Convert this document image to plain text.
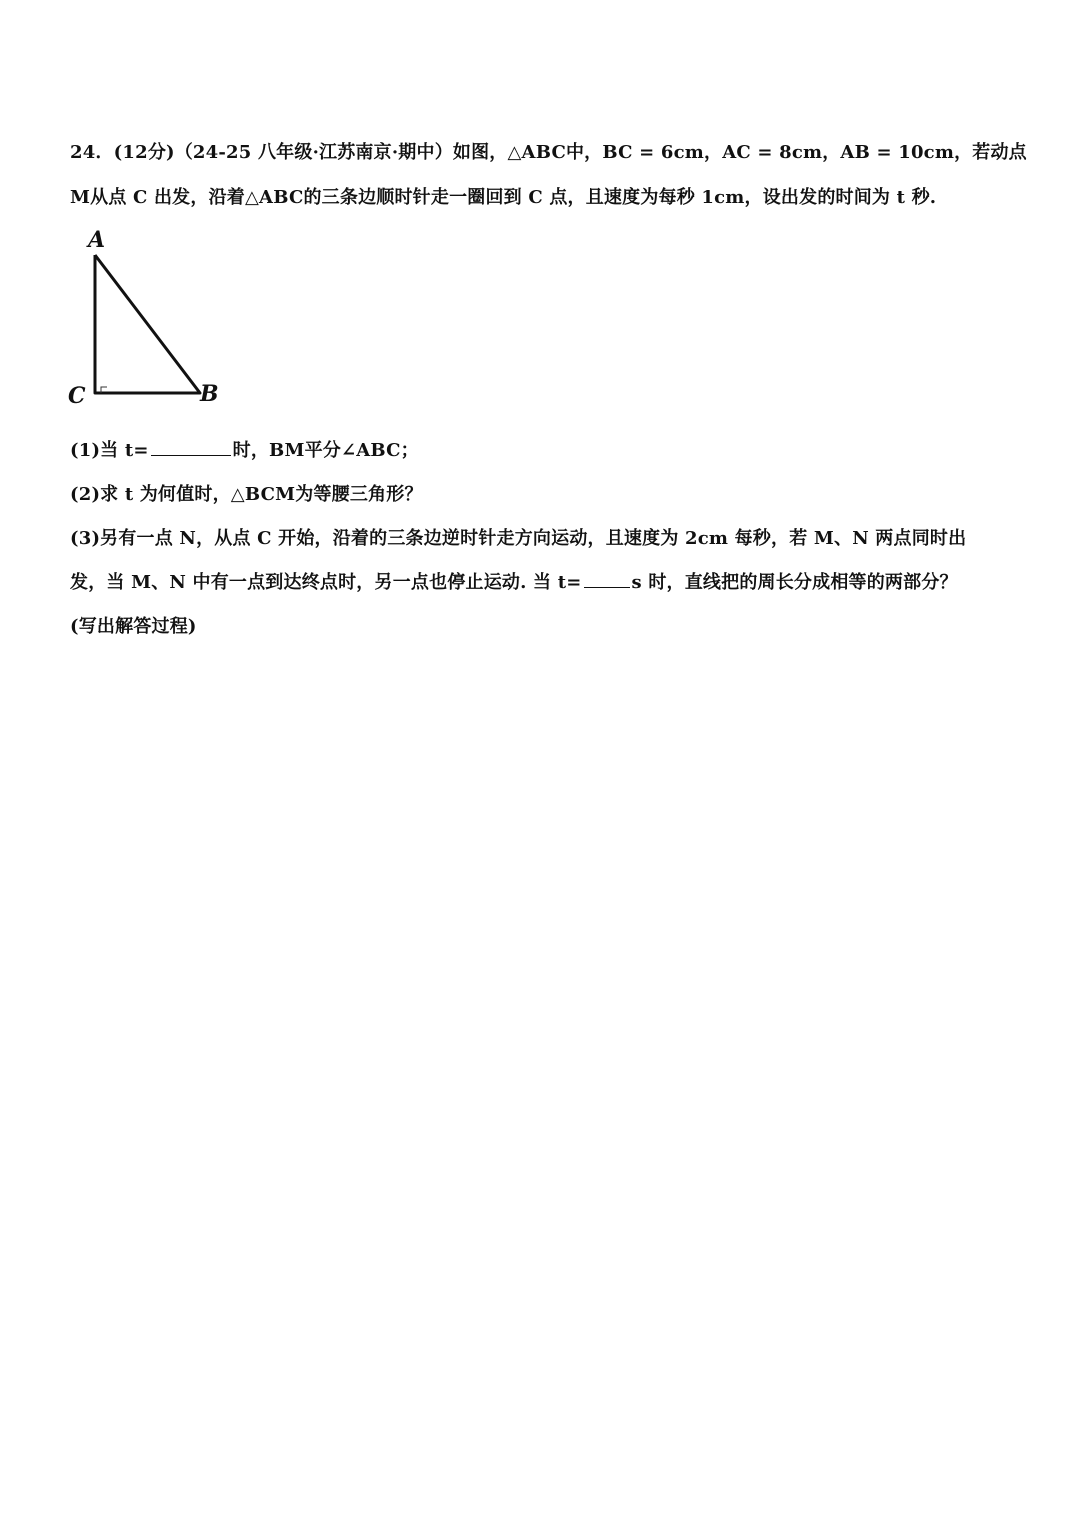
24．(12分)（24-25 八年级·江苏南京·期中）如图，△ABC中，BC = 6cm，AC = 8cm，AB = 10cm，若动点
M从点 C 出发，沿着△ABC的三条边顺时针走一圈回到 C 点，且速度为每秒 1cm，设出发的时间为 t 秒.
A
C	B
(1)当 t=	时，BM平分∠ABC；
(2)求 t 为何值时，△BCM为等腰三角形？
(3)另有一点 N，从点 C 开始，沿着的三条边逆时针走方向运动，且速度为 2cm 每秒，若 M、N 两点同时出
发，当 M、N 中有一点到达终点时，另一点也停止运动. 当 t=	s 时，直线把的周长分成相等的两部分？
(写出解答过程)
